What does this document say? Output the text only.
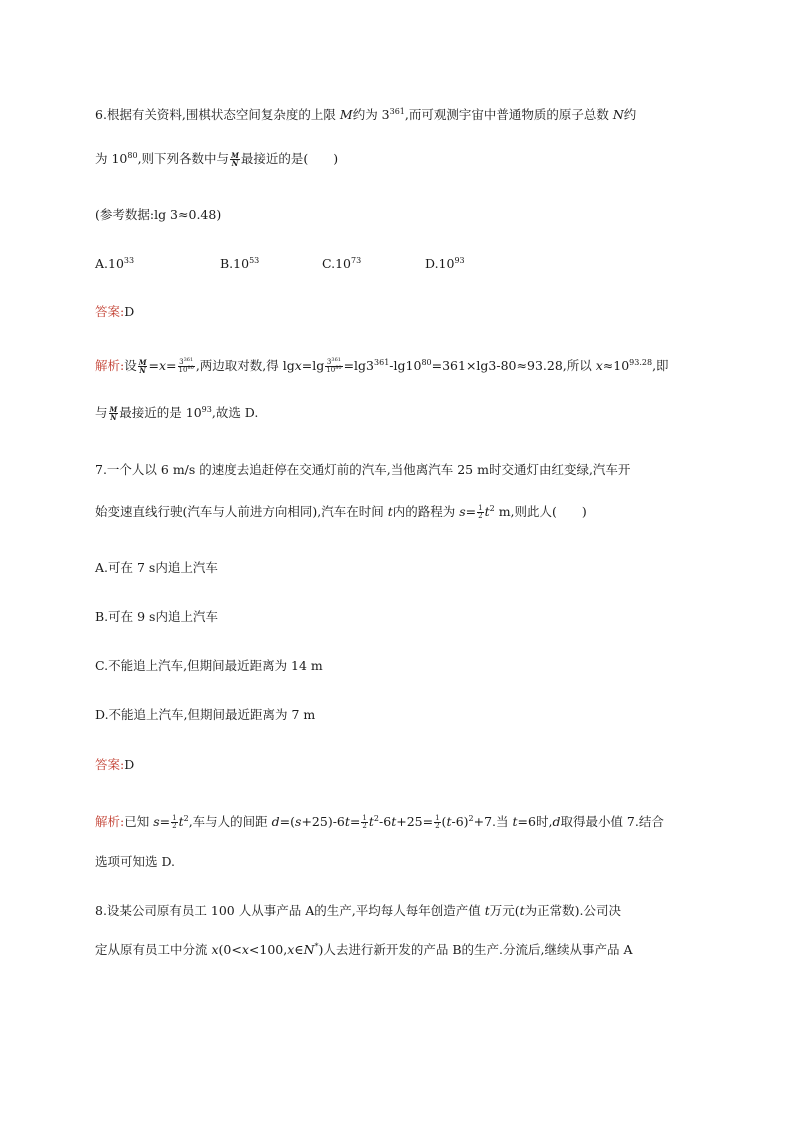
6.根据有关资料,围棋状态空间复杂度的上限 M约为 $3^{361}$,而可观测宇宙中普通物质的原子总数 N约
为 $10^{80}$,则下列各数中与 $\frac{M}{N}$ 最接近的是(　　)
(参考数据:lg 3≈0.48)
$A.10^{33}$	$B.10^{53}$	$C.10^{73}$	$D.10^{93}$
答案:D
解析:设 $\frac{M}{N} =x= \frac{3^{361}}{10^{80}}$ ,两边取对数,得 $\lg x=\lg \frac{3^{361}}{10^{80}} =\lg 3^{361}-\lg 10^{80}=361\times\lg 3-80\approx 93.28$,所以 $x\approx 10^{93.28}$,即
与 $\frac{M}{N}$ 最接近的是 $10^{93}$,故选 D.
7.一个人以 6 m/s 的速度去追赶停在交通灯前的汽车,当他离汽车 25 m时交通灯由红变绿,汽车开
始变速直线行驶(汽车与人前进方向相同),汽车在时间 t内的路程为 $s= \frac{1}{2} t^2$ m,则此人(　　)
A.可在 7 s内追上汽车
B.可在 9 s内追上汽车
C.不能追上汽车,但期间最近距离为 14 m
D.不能追上汽车,但期间最近距离为 7 m
答案:D
解析:已知 $s= \frac{1}{2} t^2$,车与人的间距 $d=(s+25)-6t= \frac{1}{2} t^2-6t+25= \frac{1}{2} (t-6)^2+7$.当 t=6时,d取得最小值 7.结合
选项可知选 D.
8.设某公司原有员工 100 人从事产品 A的生产,平均每人每年创造产值 t万元(t为正常数).公司决
定从原有员工中分流 x(0<x<100,x∈N*)人去进行新开发的产品 B的生产.分流后,继续从事产品 A
